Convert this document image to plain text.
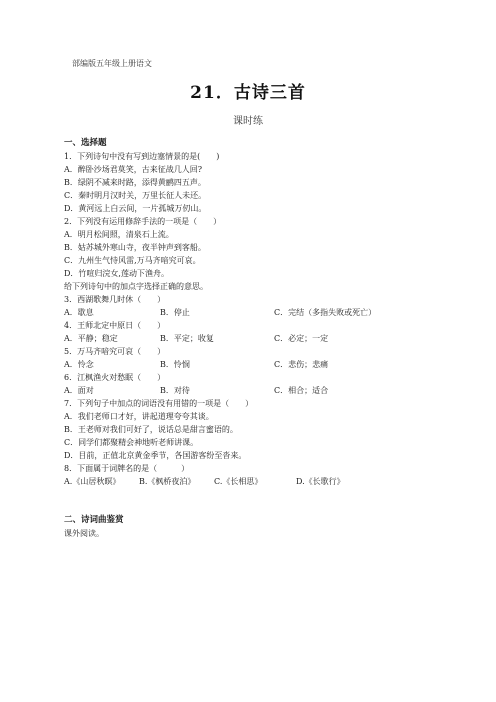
部编版五年级上册语文
21．古诗三首
课时练
一、选择题
1．下列诗句中没有写到边塞情景的是(　　)
A．醉卧沙场君莫笑，古来征战几人回?
B．绿阴不减来时路，添得黄鹂四五声。
C．秦时明月汉时关，万里长征人未还。
D．黄河远上白云间，一片孤城万仞山。
2．下列没有运用修辞手法的一项是（　　）
A．明月松间照，清泉石上流。
B．姑苏城外寒山寺，夜半钟声到客船。
C．九州生气恃风雷,万马齐喑究可哀。
D．竹喧归浣女,莲动下渔舟。
给下列诗句中的加点字选择正确的意思。
3．西湖歌舞几时休（　　）
A．歇息	B．停止	C．完结（多指失败或死亡）
4．王师北定中原日（　　）
A．平静；稳定	B．平定；收复	C．必定；一定
5．万马齐喑究可哀（　　）
A．怜念	B．怜悯	C．悲伤；悲痛
6．江枫渔火对愁眠（　　）
A．面对	B．对待	C．相合；适合
7．下列句子中加点的词语没有用错的一项是（　　）
A．我们老师口才好，讲起道理夸夸其谈。
B．王老师对我们可好了，说话总是甜言蜜语的。
C．同学们都聚精会神地听老师讲课。
D．目前，正值北京黄金季节，各国游客纷至沓来。
8．下面属于词牌名的是（　　　）
A.《山居秋暝》	B.《枫桥夜泊》	C.《长相思》	D.《长歌行》
二、诗词曲鉴赏
课外阅读。
